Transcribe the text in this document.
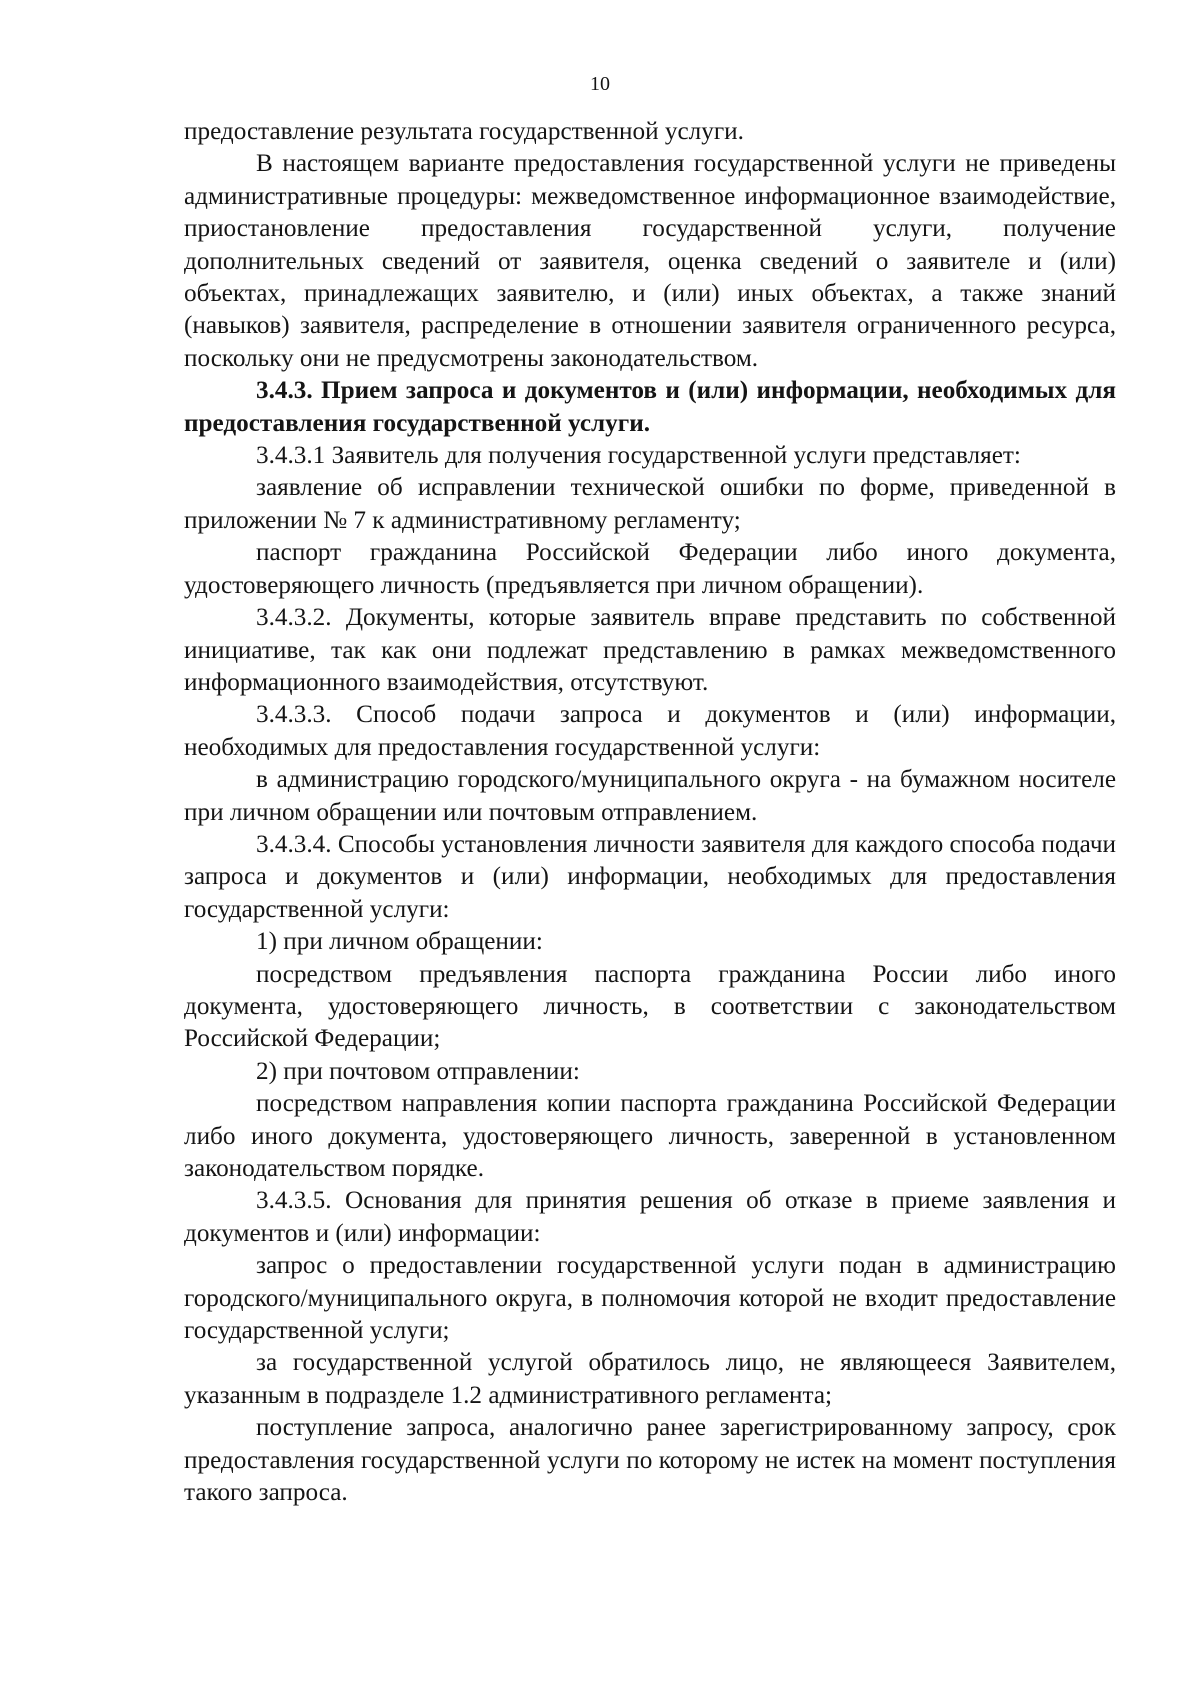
10

предоставление результата государственной услуги.

В настоящем варианте предоставления государственной услуги не приведены административные процедуры: межведомственное информационное взаимодействие, приостановление предоставления государственной услуги, получение дополнительных сведений от заявителя, оценка сведений о заявителе и (или) объектах, принадлежащих заявителю, и (или) иных объектах, а также знаний (навыков) заявителя, распределение в отношении заявителя ограниченного ресурса, поскольку они не предусмотрены законодательством.

3.4.3. Прием запроса и документов и (или) информации, необходимых для предоставления государственной услуги.

3.4.3.1 Заявитель для получения государственной услуги представляет:

заявление об исправлении технической ошибки по форме, приведенной в приложении № 7 к административному регламенту;

паспорт гражданина Российской Федерации либо иного документа, удостоверяющего личность (предъявляется при личном обращении).

3.4.3.2. Документы, которые заявитель вправе представить по собственной инициативе, так как они подлежат представлению в рамках межведомственного информационного взаимодействия, отсутствуют.

3.4.3.3. Способ подачи запроса и документов и (или) информации, необходимых для предоставления государственной услуги:

в администрацию городского/муниципального округа - на бумажном носителе при личном обращении или почтовым отправлением.

3.4.3.4. Способы установления личности заявителя для каждого способа подачи запроса и документов и (или) информации, необходимых для предоставления государственной услуги:

1) при личном обращении:

посредством предъявления паспорта гражданина России либо иного документа, удостоверяющего личность, в соответствии с законодательством Российской Федерации;

2) при почтовом отправлении:

посредством направления копии паспорта гражданина Российской Федерации либо иного документа, удостоверяющего личность, заверенной в установленном законодательством порядке.

3.4.3.5. Основания для принятия решения об отказе в приеме заявления и документов и (или) информации:

запрос о предоставлении государственной услуги подан в администрацию городского/муниципального округа, в полномочия которой не входит предоставление государственной услуги;

за государственной услугой обратилось лицо, не являющееся Заявителем, указанным в подразделе 1.2 административного регламента;

поступление запроса, аналогично ранее зарегистрированному запросу, срок предоставления государственной услуги по которому не истек на момент поступления такого запроса.
